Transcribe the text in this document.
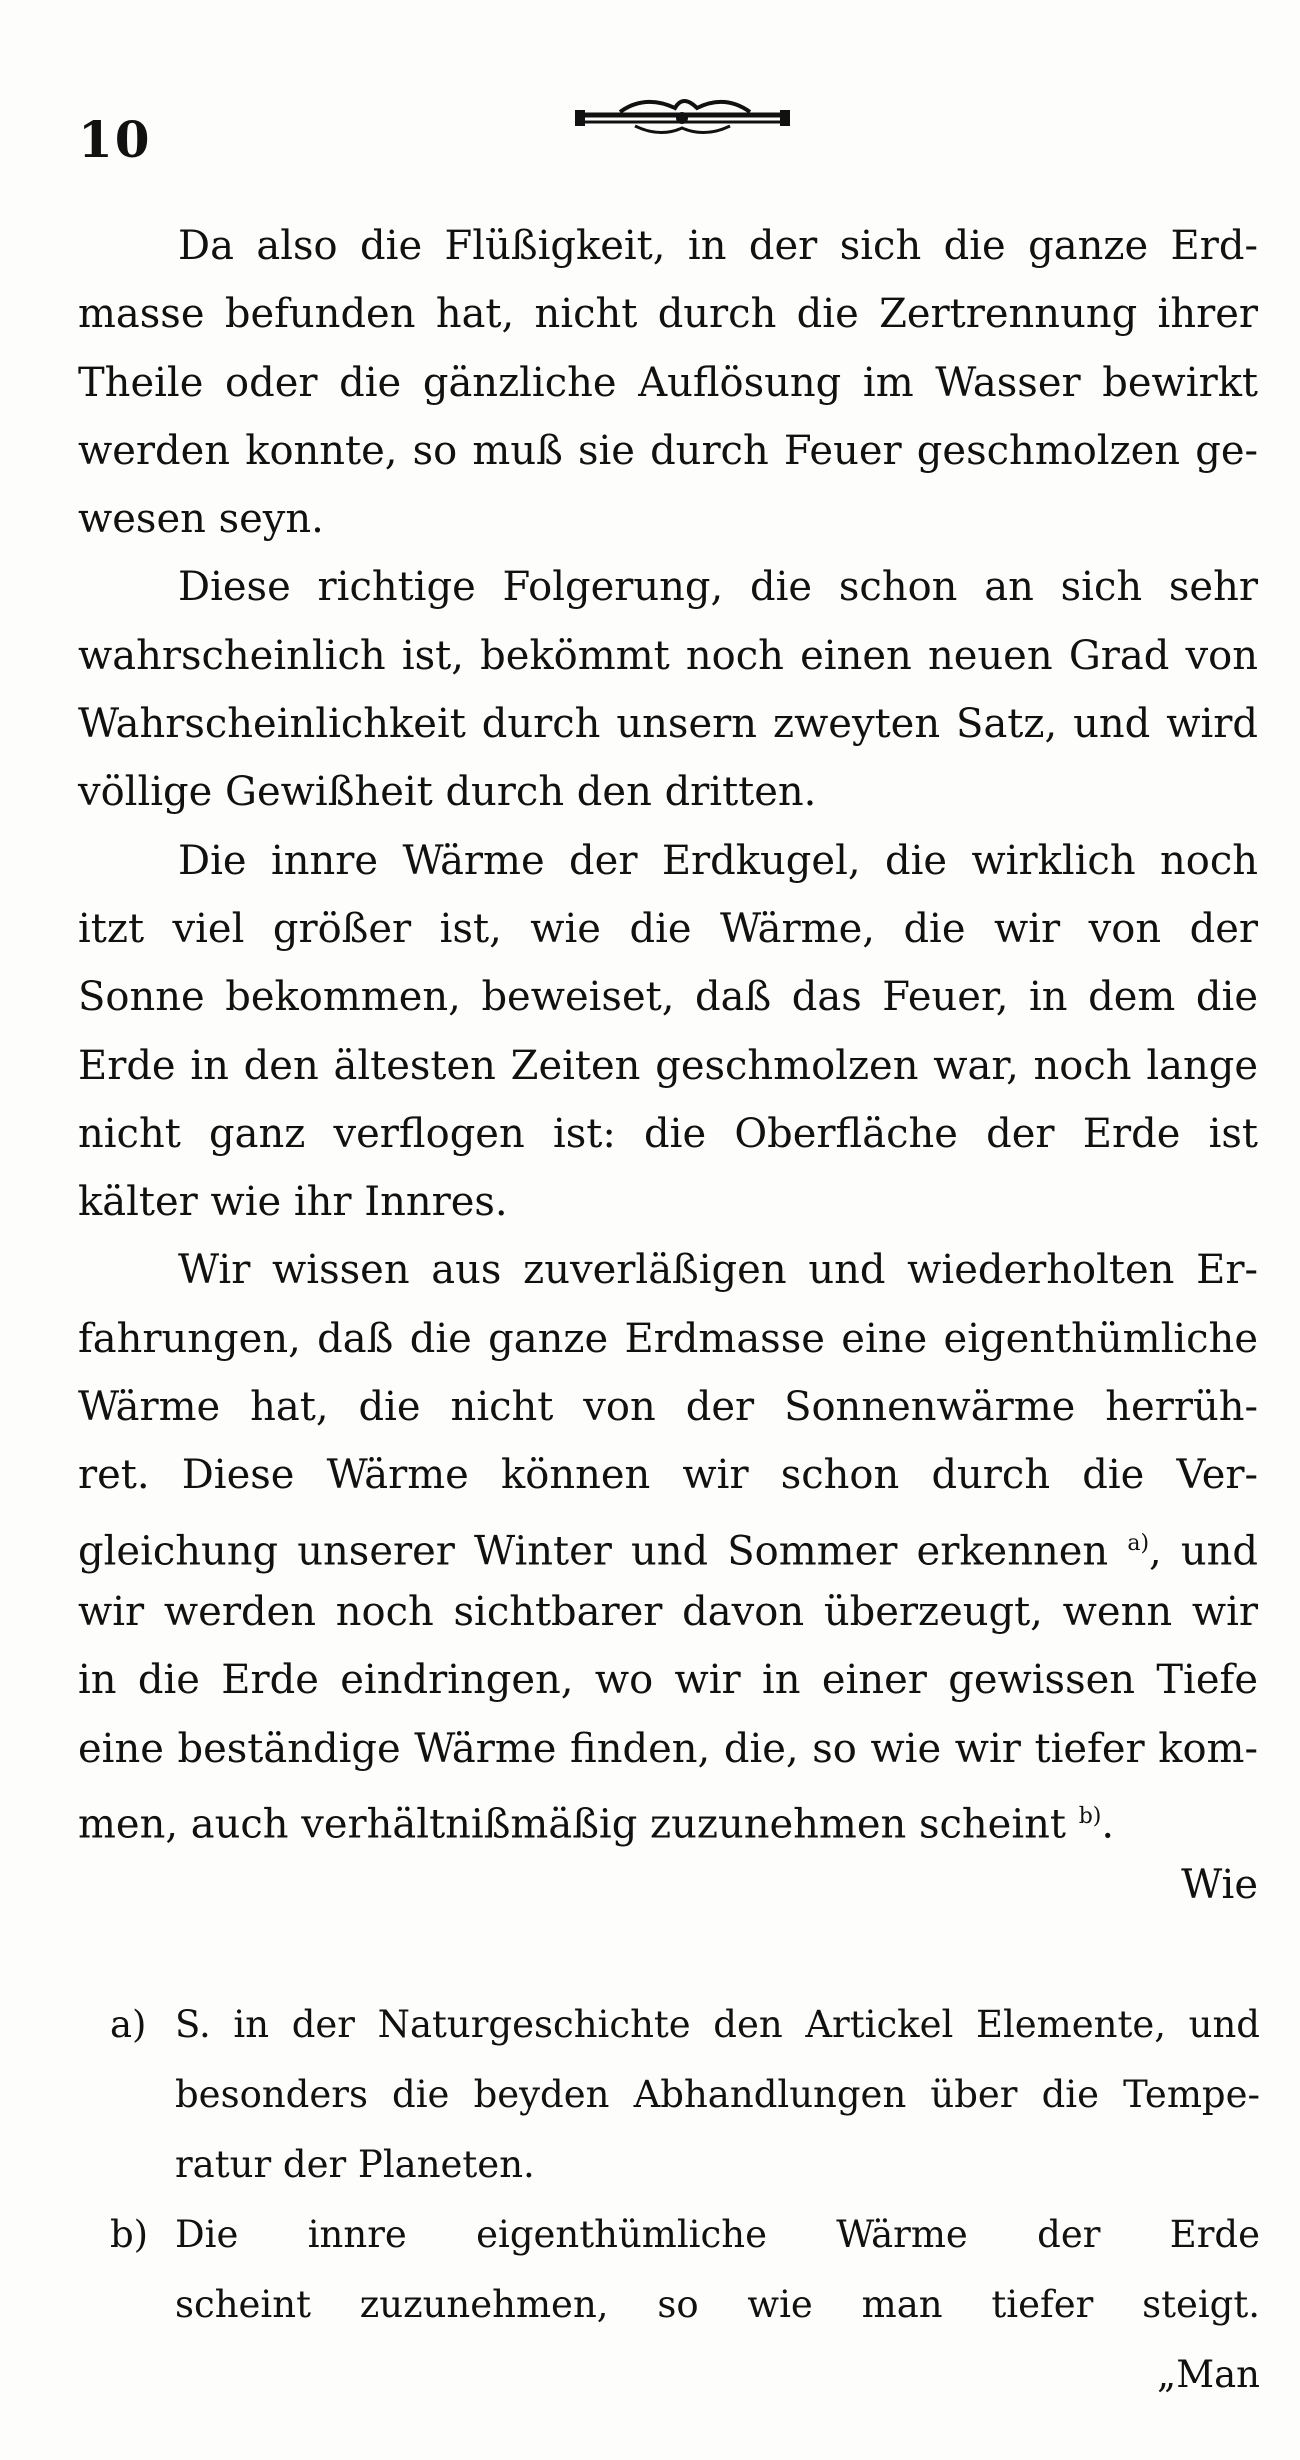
10
Da also die Flüßigkeit, in der sich die ganze Erd-
masse befunden hat, nicht durch die Zertrennung ihrer
Theile oder die gänzliche Auflösung im Wasser bewirkt
werden konnte, so muß sie durch Feuer geschmolzen ge-
wesen seyn.
Diese richtige Folgerung, die schon an sich sehr
wahrscheinlich ist, bekömmt noch einen neuen Grad von
Wahrscheinlichkeit durch unsern zweyten Satz, und wird
völlige Gewißheit durch den dritten.
Die innre Wärme der Erdkugel, die wirklich noch
itzt viel größer ist, wie die Wärme, die wir von der
Sonne bekommen, beweiset, daß das Feuer, in dem die
Erde in den ältesten Zeiten geschmolzen war, noch lange
nicht ganz verflogen ist: die Oberfläche der Erde ist
kälter wie ihr Innres.
Wir wissen aus zuverläßigen und wiederholten Er-
fahrungen, daß die ganze Erdmasse eine eigenthümliche
Wärme hat, die nicht von der Sonnenwärme herrüh-
ret. Diese Wärme können wir schon durch die Ver-
gleichung unserer Winter und Sommer erkennen $^{a)}$, und
wir werden noch sichtbarer davon überzeugt, wenn wir
in die Erde eindringen, wo wir in einer gewissen Tiefe
eine beständige Wärme finden, die, so wie wir tiefer kom-
men, auch verhältnißmäßig zuzunehmen scheint $^{b)}$.
Wie
a) S. in der Naturgeschichte den Artickel Elemente, und
besonders die beyden Abhandlungen über die Tempe-
ratur der Planeten.
b) Die innre eigenthümliche Wärme der Erde
scheint zuzunehmen, so wie man tiefer steigt.
„Man
